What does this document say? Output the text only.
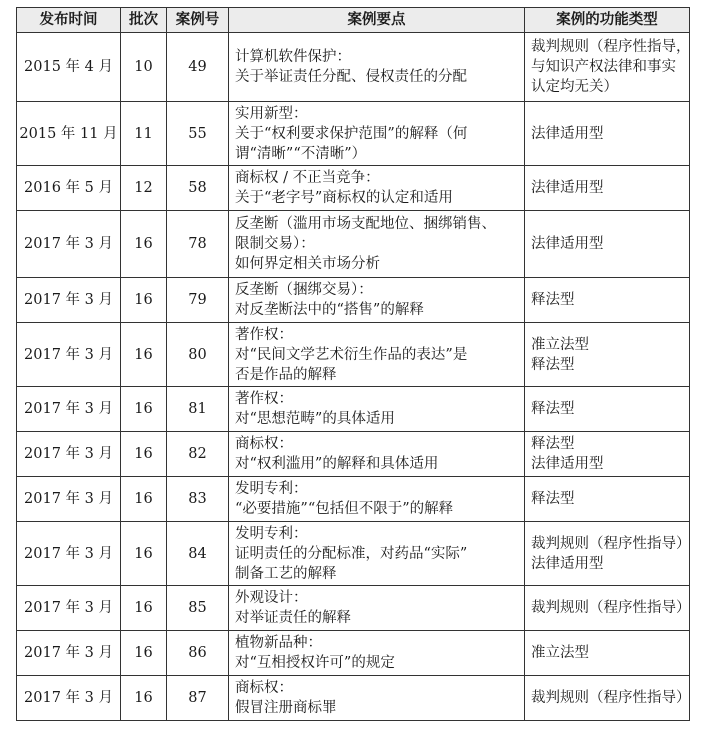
发布时间	批次	案例号	案例要点	案例的功能类型
2015 年 4 月	10	49	计算机软件保护：
关于举证责任分配、侵权责任的分配	裁判规则（程序性指导，
与知识产权法律和事实
认定均无关）

2015 年 11 月	11	55	实用新型：
关于“权利要求保护范围”的解释（何
谓“清晰”“不清晰”）	法律适用型

2016 年 5 月	12	58	商标权 / 不正当竞争：
关于“老字号”商标权的认定和适用	法律适用型

2017 年 3 月	16	78	反垄断（滥用市场支配地位、捆绑销售、
限制交易）：
如何界定相关市场分析	法律适用型

2017 年 3 月	16	79	反垄断（捆绑交易）：
对反垄断法中的“搭售”的解释	释法型

2017 年 3 月	16	80	著作权：
对“民间文学艺术衍生作品的表达”是
否是作品的解释	准立法型
释法型

2017 年 3 月	16	81	著作权：
对“思想范畴”的具体适用	释法型

2017 年 3 月	16	82	商标权：
对“权利滥用”的解释和具体适用	释法型
法律适用型

2017 年 3 月	16	83	发明专利：
“必要措施”“包括但不限于”的解释	释法型

2017 年 3 月	16	84	发明专利：
证明责任的分配标准，对药品“实际”
制备工艺的解释	裁判规则（程序性指导）
法律适用型

2017 年 3 月	16	85	外观设计：
对举证责任的解释	裁判规则（程序性指导）

2017 年 3 月	16	86	植物新品种：
对“互相授权许可”的规定	准立法型

2017 年 3 月	16	87	商标权：
假冒注册商标罪	裁判规则（程序性指导）
